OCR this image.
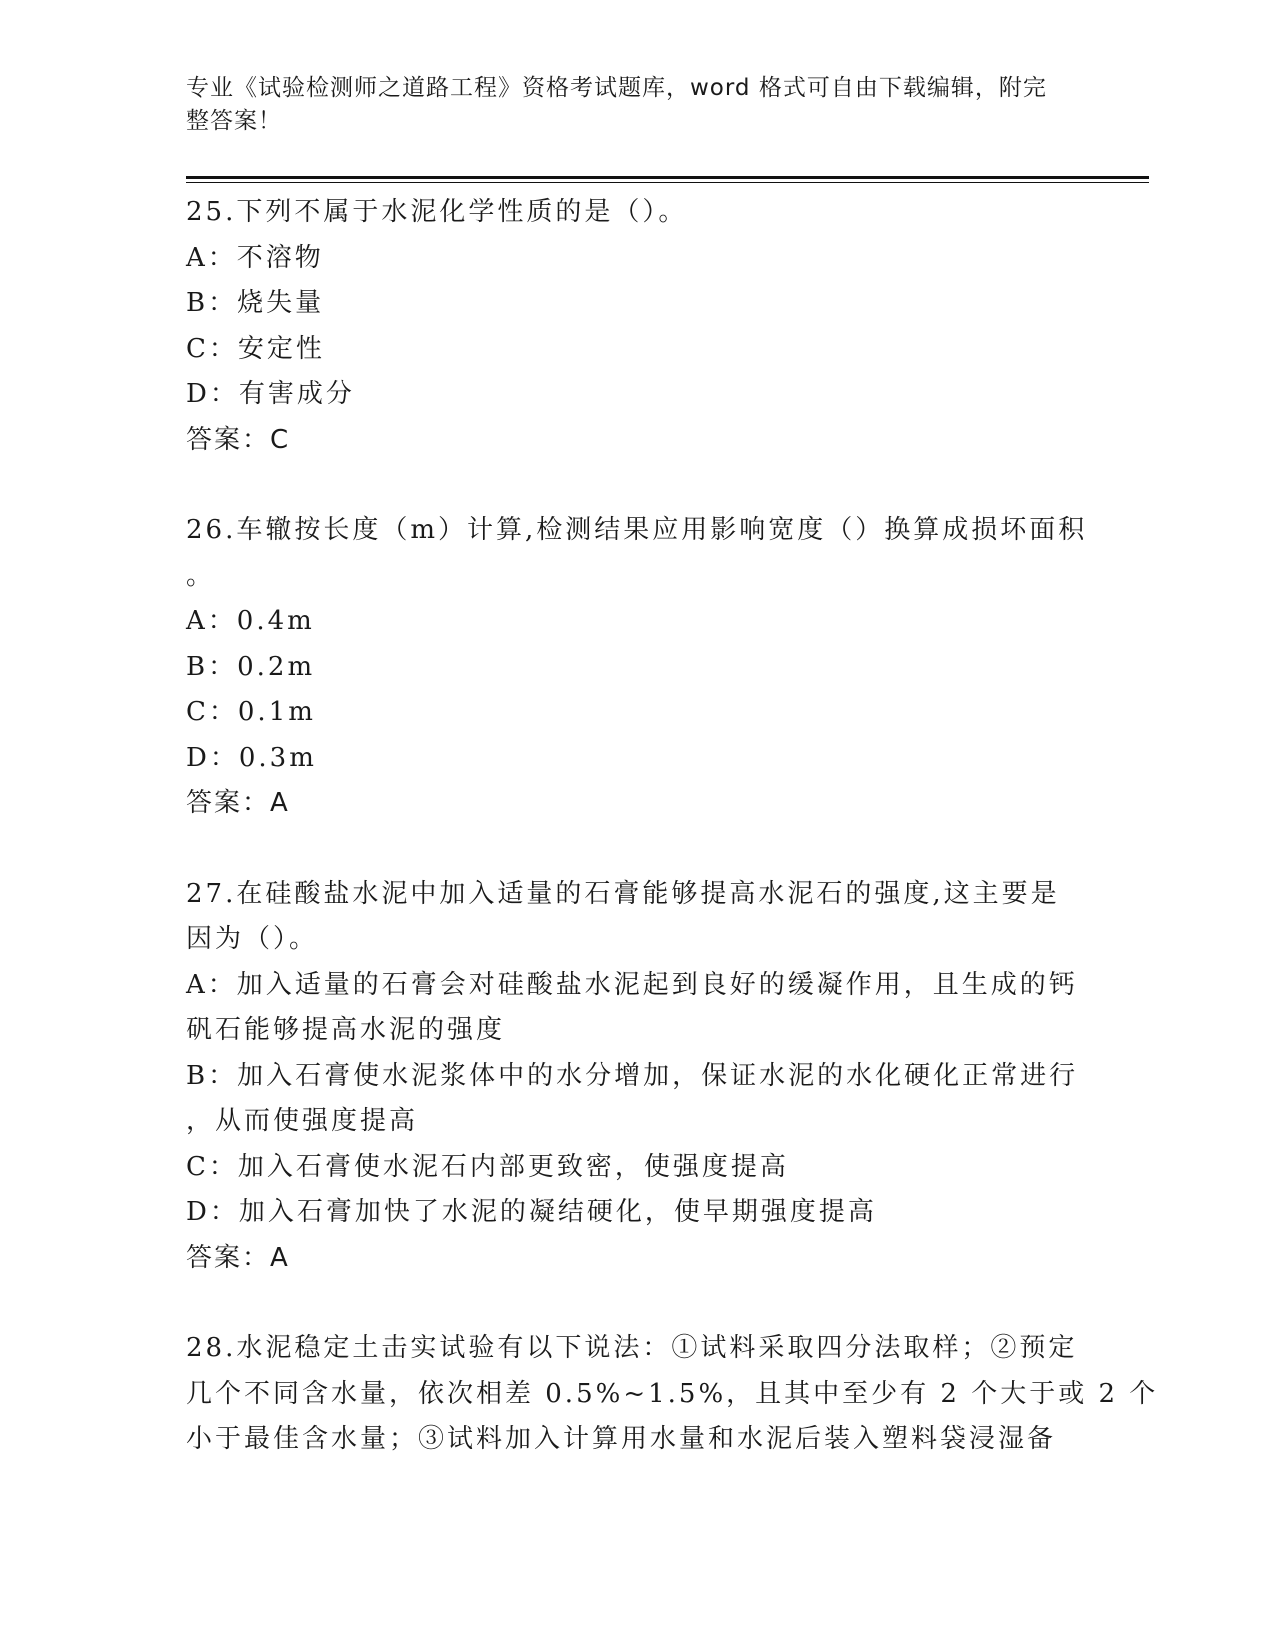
专业《试验检测师之道路工程》资格考试题库，word 格式可自由下载编辑，附完
整答案！
25.下列不属于水泥化学性质的是（）。
A：不溶物
B：烧失量
C：安定性
D：有害成分
答案：C
26.车辙按长度（m）计算,检测结果应用影响宽度（）换算成损坏面积
。
A：0.4m
B：0.2m
C：0.1m
D：0.3m
答案：A
27.在硅酸盐水泥中加入适量的石膏能够提高水泥石的强度,这主要是
因为（）。
A：加入适量的石膏会对硅酸盐水泥起到良好的缓凝作用，且生成的钙
矾石能够提高水泥的强度
B：加入石膏使水泥浆体中的水分增加，保证水泥的水化硬化正常进行
，从而使强度提高
C：加入石膏使水泥石内部更致密，使强度提高
D：加入石膏加快了水泥的凝结硬化，使早期强度提高
答案：A
28.水泥稳定土击实试验有以下说法：①试料采取四分法取样；②预定
几个不同含水量，依次相差 0.5%~1.5%，且其中至少有 2 个大于或 2 个
小于最佳含水量；③试料加入计算用水量和水泥后装入塑料袋浸湿备
